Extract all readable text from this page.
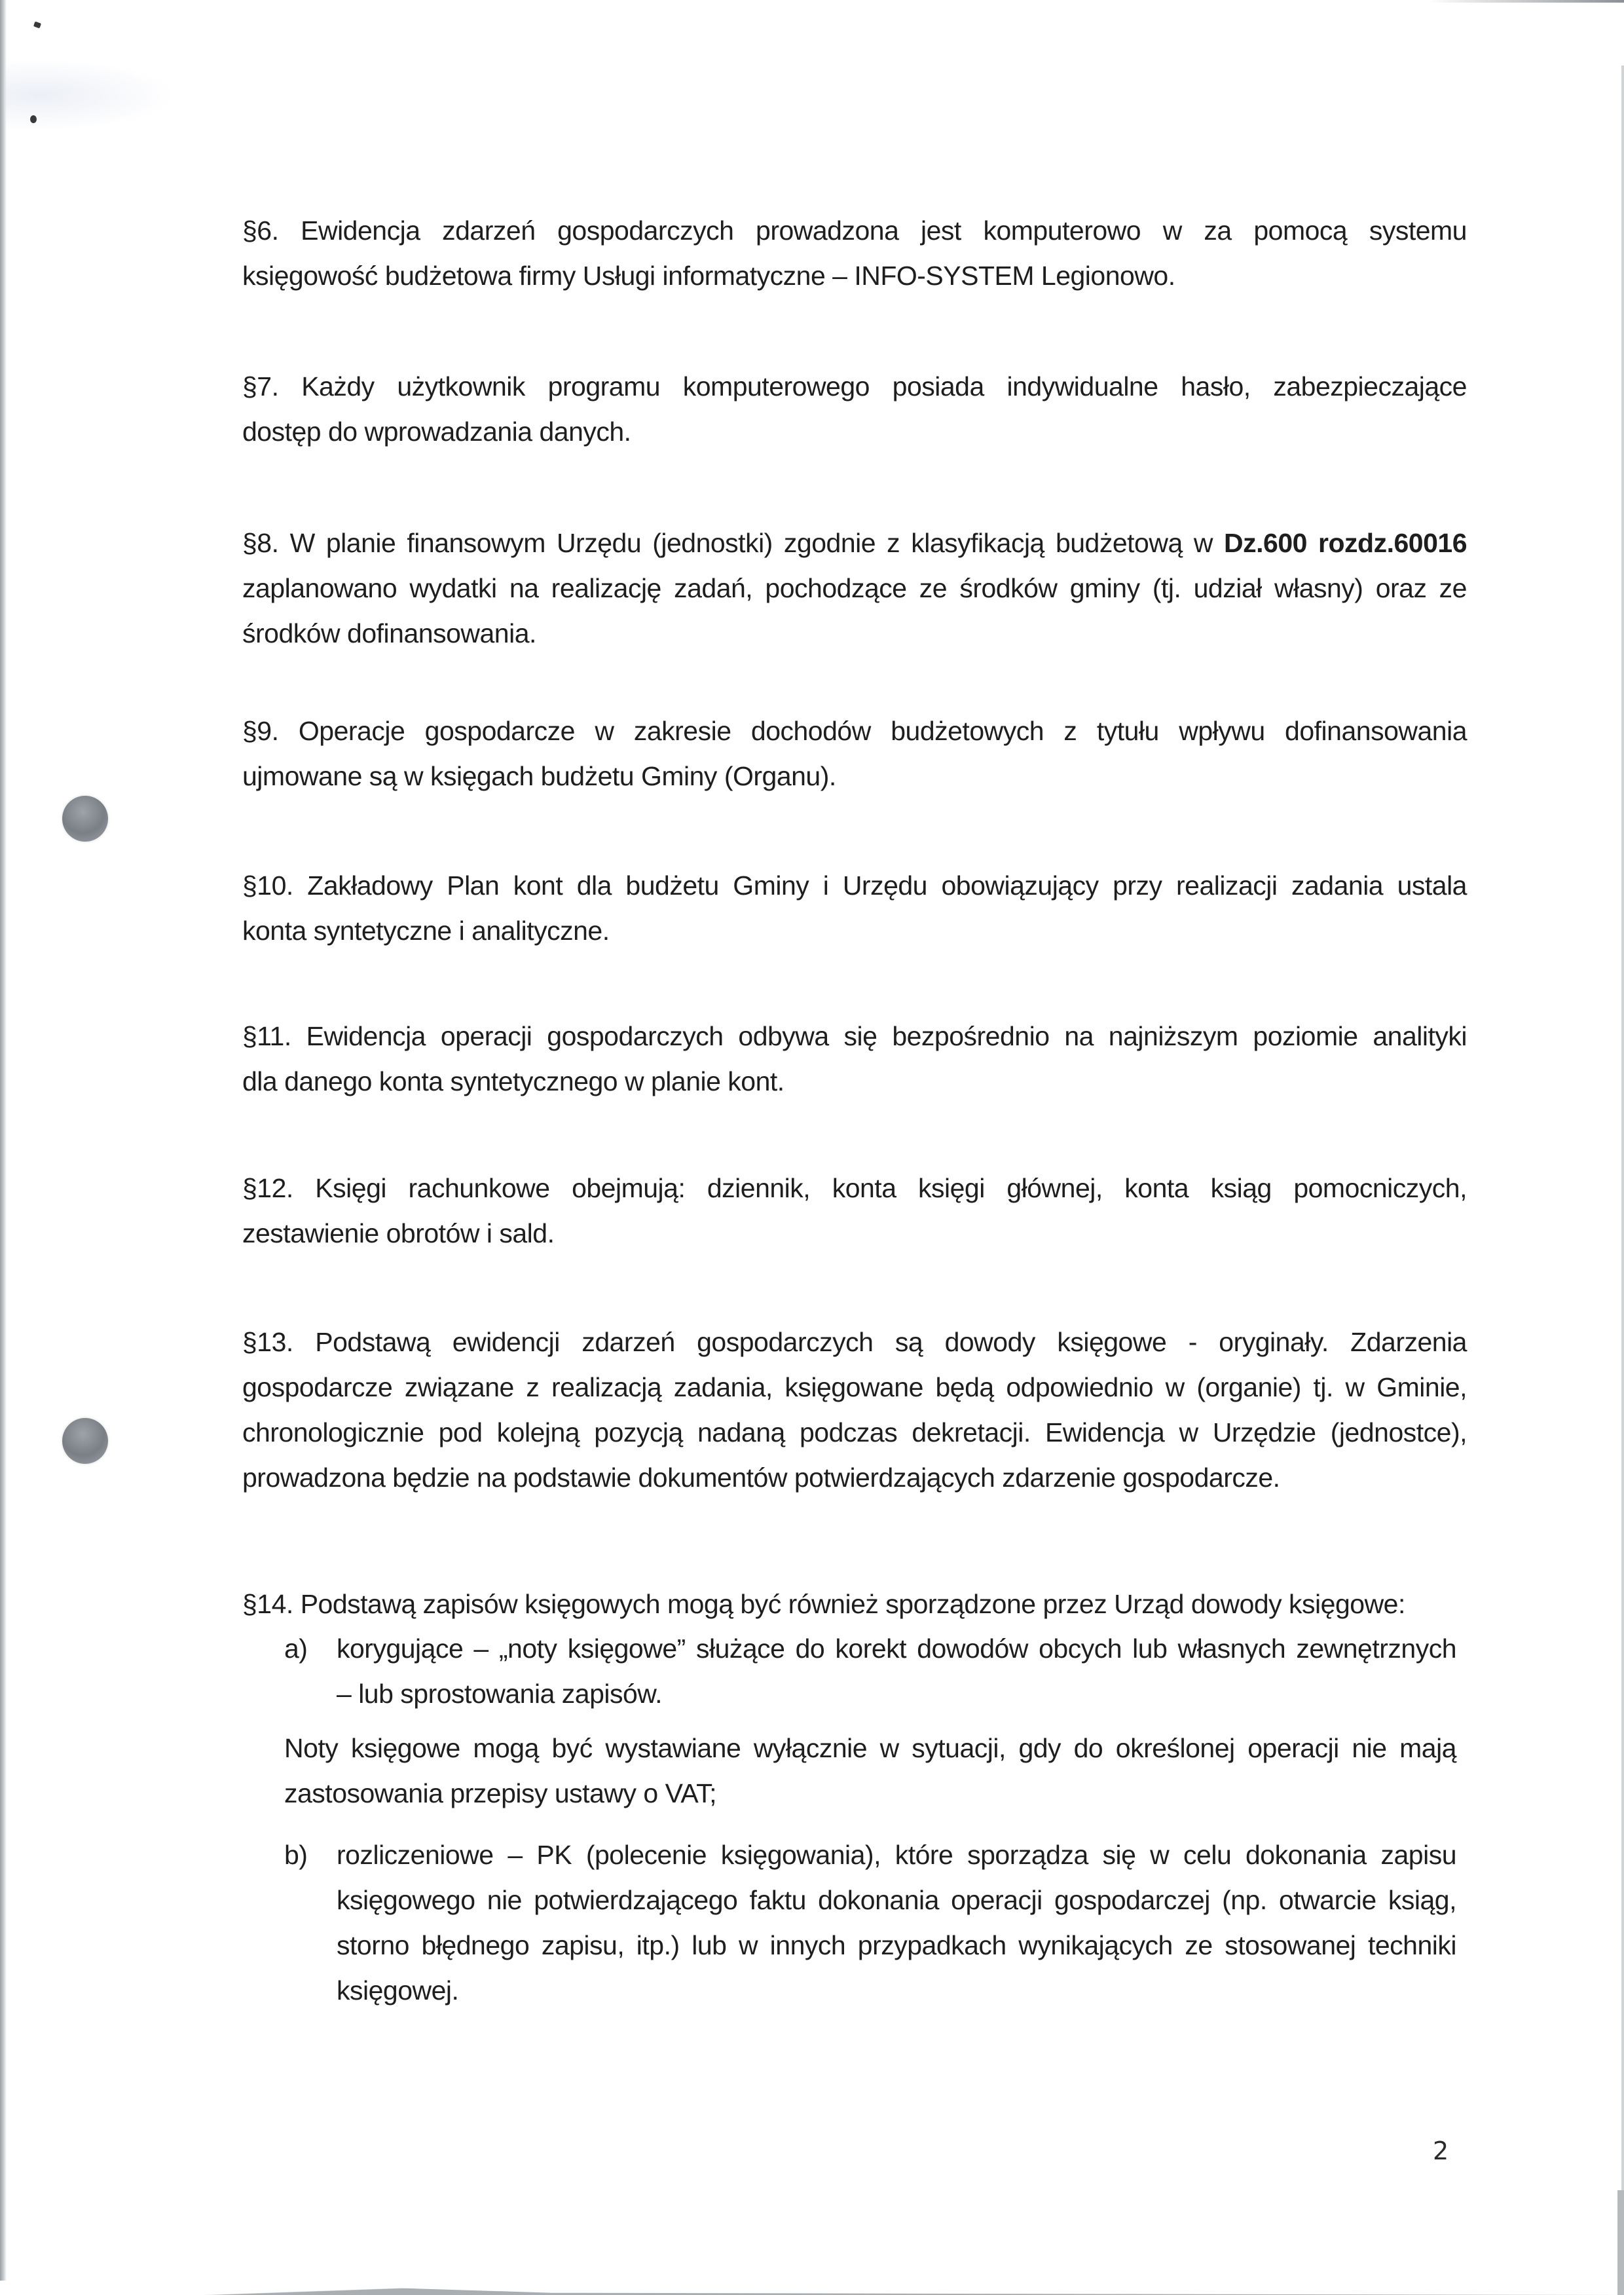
§6. Ewidencja zdarzeń gospodarczych prowadzona jest komputerowo w za pomocą systemu
księgowość budżetowa firmy Usługi informatyczne – INFO-SYSTEM Legionowo.
§7. Każdy użytkownik programu komputerowego posiada indywidualne hasło, zabezpieczające
dostęp do wprowadzania danych.
§8. W planie finansowym Urzędu (jednostki) zgodnie z klasyfikacją budżetową w Dz.600 rozdz.60016
zaplanowano wydatki na realizację zadań, pochodzące ze środków gminy (tj. udział własny) oraz ze
środków dofinansowania.
§9. Operacje gospodarcze w zakresie dochodów budżetowych z tytułu wpływu dofinansowania
ujmowane są w księgach budżetu Gminy (Organu).
§10. Zakładowy Plan kont dla budżetu Gminy i Urzędu obowiązujący przy realizacji zadania ustala
konta syntetyczne i analityczne.
§11. Ewidencja operacji gospodarczych odbywa się bezpośrednio na najniższym poziomie analityki
dla danego konta syntetycznego w planie kont.
§12. Księgi rachunkowe obejmują: dziennik, konta księgi głównej, konta ksiąg pomocniczych,
zestawienie obrotów i sald.
§13. Podstawą ewidencji zdarzeń gospodarczych są dowody księgowe - oryginały. Zdarzenia
gospodarcze związane z realizacją zadania, księgowane będą odpowiednio w (organie) tj. w Gminie,
chronologicznie pod kolejną pozycją nadaną podczas dekretacji. Ewidencja w Urzędzie (jednostce),
prowadzona będzie na podstawie dokumentów potwierdzających zdarzenie gospodarcze.
§14. Podstawą zapisów księgowych mogą być również sporządzone przez Urząd dowody księgowe:
a) korygujące – „noty księgowe” służące do korekt dowodów obcych lub własnych zewnętrznych
– lub sprostowania zapisów.
Noty księgowe mogą być wystawiane wyłącznie w sytuacji, gdy do określonej operacji nie mają
zastosowania przepisy ustawy o VAT;
b) rozliczeniowe – PK (polecenie księgowania), które sporządza się w celu dokonania zapisu
księgowego nie potwierdzającego faktu dokonania operacji gospodarczej (np. otwarcie ksiąg,
storno błędnego zapisu, itp.) lub w innych przypadkach wynikających ze stosowanej techniki
księgowej.
2
